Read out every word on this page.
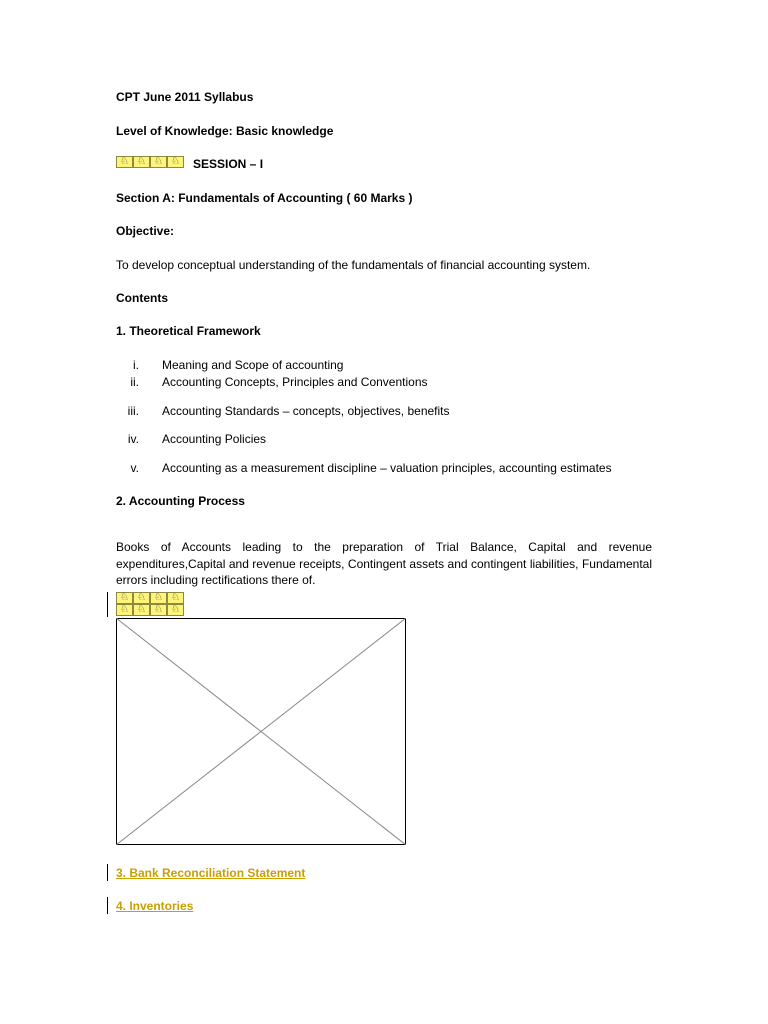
CPT June 2011 Syllabus

Level of Knowledge: Basic knowledge

♘ ♘ ♘ ♘	SESSION – I

Section A: Fundamentals of Accounting ( 60 Marks )

Objective:

To develop conceptual understanding of the fundamentals of financial accounting system.

Contents

1. Theoretical Framework

i. Meaning and Scope of accounting
ii. Accounting Concepts, Principles and Conventions
iii. Accounting Standards – concepts, objectives, benefits
iv. Accounting Policies
v. Accounting as a measurement discipline – valuation principles, accounting estimates

2. Accounting Process

Books of Accounts leading to the preparation of Trial Balance, Capital and revenue expenditures,Capital and revenue receipts, Contingent assets and contingent liabilities, Fundamental errors including rectifications there of.

♘ ♘ ♘ ♘
♘ ♘ ♘ ♘
3. Bank Reconciliation Statement
4. Inventories
